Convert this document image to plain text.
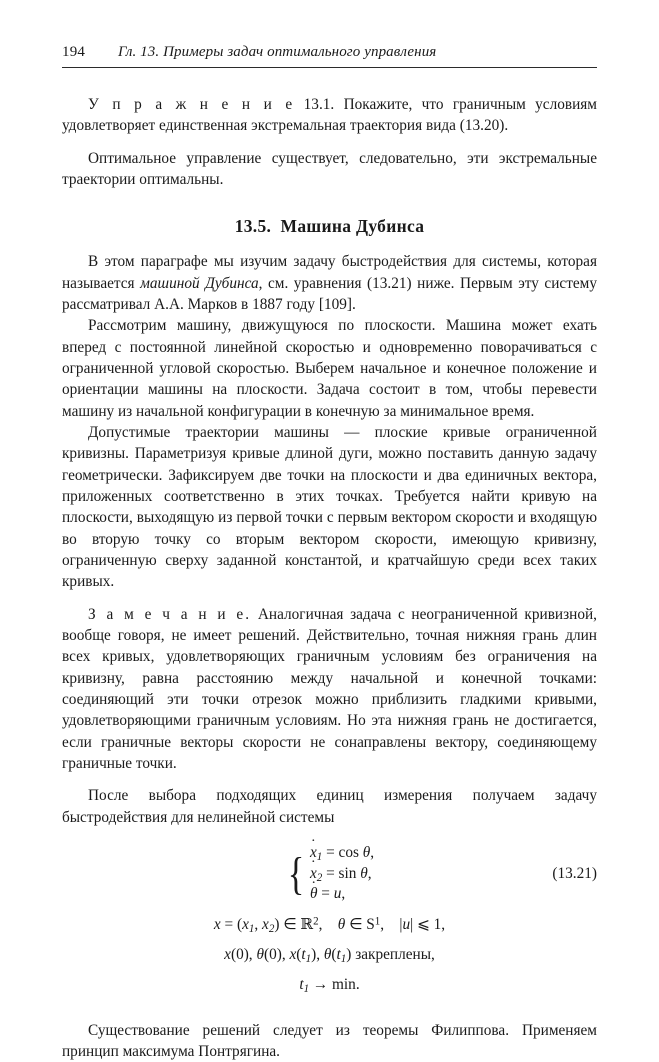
194	Гл. 13. Примеры задач оптимального управления

У п р а ж н е н и е 13.1. Покажите, что граничным условиям удовлетворяет единственная экстремальная траектория вида (13.20).

Оптимальное управление существует, следовательно, эти экстремальные траектории оптимальны.

13.5. Машина Дубинса

В этом параграфе мы изучим задачу быстродействия для системы, которая называется машиной Дубинса, см. уравнения (13.21) ниже. Первым эту систему рассматривал А.А. Марков в 1887 году [109].

Рассмотрим машину, движущуюся по плоскости. Машина может ехать вперед с постоянной линейной скоростью и одновременно поворачиваться с ограниченной угловой скоростью. Выберем начальное и конечное положение и ориентации машины на плоскости. Задача состоит в том, чтобы перевести машину из начальной конфигурации в конечную за минимальное время.

Допустимые траектории машины — плоские кривые ограниченной кривизны. Параметризуя кривые длиной дуги, можно поставить данную задачу геометрически. Зафиксируем две точки на плоскости и два единичных вектора, приложенных соответственно в этих точках. Требуется найти кривую на плоскости, выходящую из первой точки с первым вектором скорости и входящую во вторую точку со вторым вектором скорости, имеющую кривизну, ограниченную сверху заданной константой, и кратчайшую среди всех таких кривых.

З а м е ч а н и е. Аналогичная задача с неограниченной кривизной, вообще говоря, не имеет решений. Действительно, точная нижняя грань длин всех кривых, удовлетворяющих граничным условиям без ограничения на кривизну, равна расстоянию между начальной и конечной точками: соединяющий эти точки отрезок можно приблизить гладкими кривыми, удовлетворяющими граничным условиям. Но эта нижняя грань не достигается, если граничные векторы скорости не сонаправлены вектору, соединяющему граничные точки.

После выбора подходящих единиц измерения получаем задачу быстродействия для нелинейной системы

{ $x \cdot_1 = \cos \theta$,
$x \cdot_2 = \sin \theta$,
θ ∙ = u,
(13.21)
$x = (x_1$, $x_2$) ∈ ℝ$^2$, θ ∈ $S^1$, |u| ⩽ 1,
x(0), θ(0), $x(t_1)$, $\theta(t_1)$ закреплены,
$t_1 \to \min$.

Существование решений следует из теоремы Филиппова. Применяем принцип максимума Понтрягина.
